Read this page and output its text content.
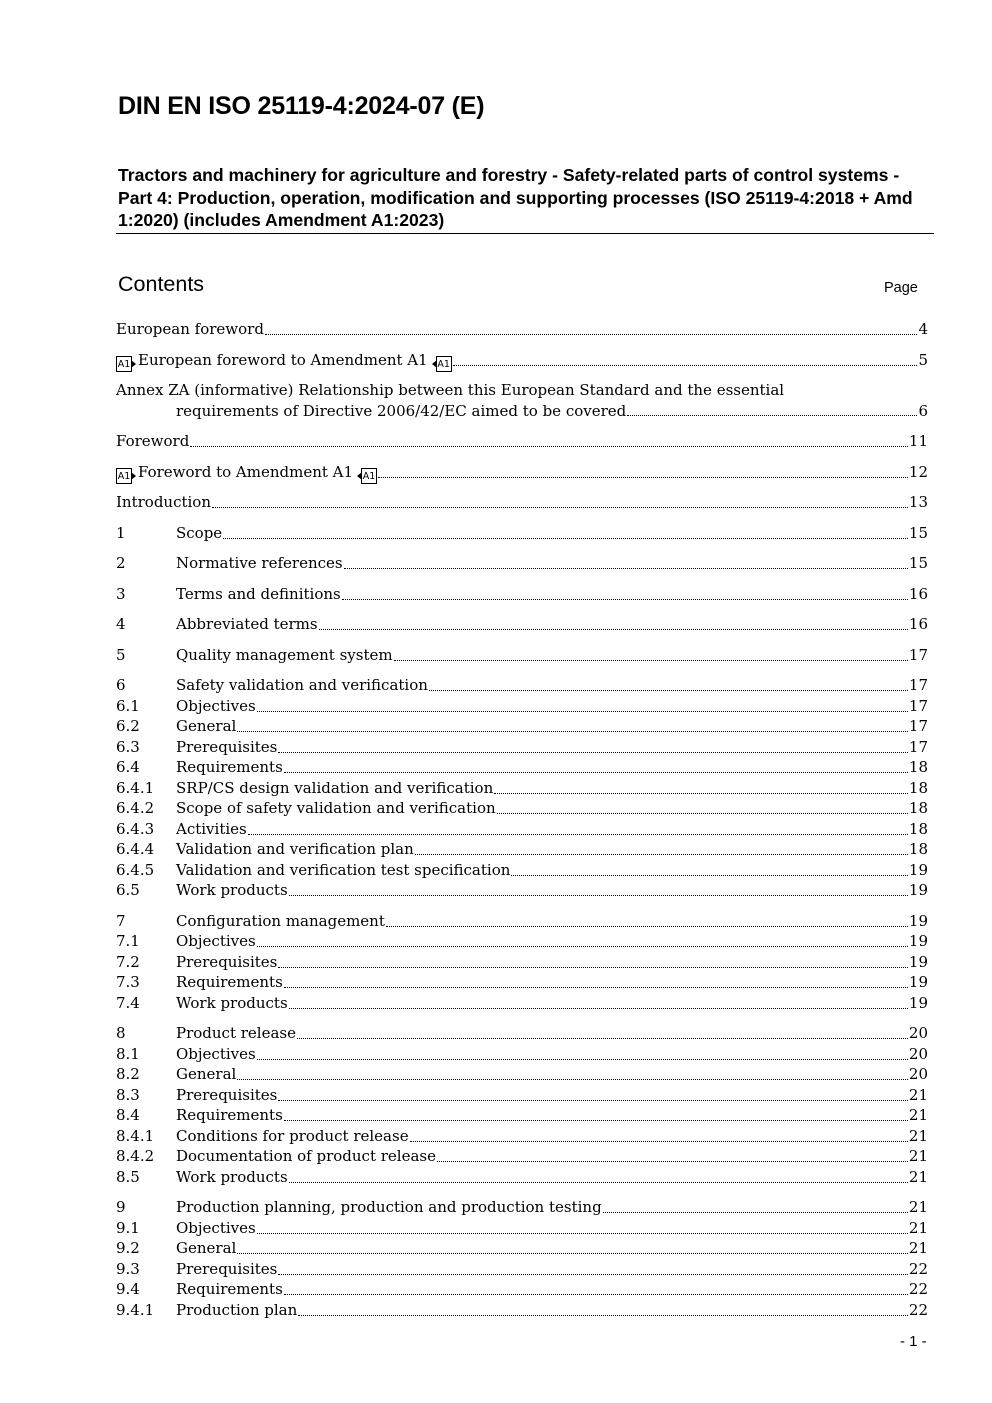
DIN EN ISO 25119-4:2024-07 (E)

Tractors and machinery for agriculture and forestry - Safety-related parts of control systems - Part 4: Production, operation, modification and supporting processes (ISO 25119-4:2018 + Amd 1:2020) (includes Amendment A1:2023)

Contents	Page
European foreword	4
A1 European foreword to Amendment A1 A1	5
Annex ZA (informative) Relationship between this European Standard and the essential
requirements of Directive 2006/42/EC aimed to be covered	6
Foreword	11
A1 Foreword to Amendment A1 A1	12
Introduction	13
1	Scope	15
2	Normative references	15
3	Terms and definitions	16
4	Abbreviated terms	16
5	Quality management system	17
6	Safety validation and verification	17
6.1	Objectives	17
6.2	General	17
6.3	Prerequisites	17
6.4	Requirements	18
6.4.1	SRP/CS design validation and verification	18
6.4.2	Scope of safety validation and verification	18
6.4.3	Activities	18
6.4.4	Validation and verification plan	18
6.4.5	Validation and verification test specification	19
6.5	Work products	19
7	Configuration management	19
7.1	Objectives	19
7.2	Prerequisites	19
7.3	Requirements	19
7.4	Work products	19
8	Product release	20
8.1	Objectives	20
8.2	General	20
8.3	Prerequisites	21
8.4	Requirements	21
8.4.1	Conditions for product release	21
8.4.2	Documentation of product release	21
8.5	Work products	21
9	Production planning, production and production testing	21
9.1	Objectives	21
9.2	General	21
9.3	Prerequisites	22
9.4	Requirements	22
9.4.1	Production plan	22
- 1 -
